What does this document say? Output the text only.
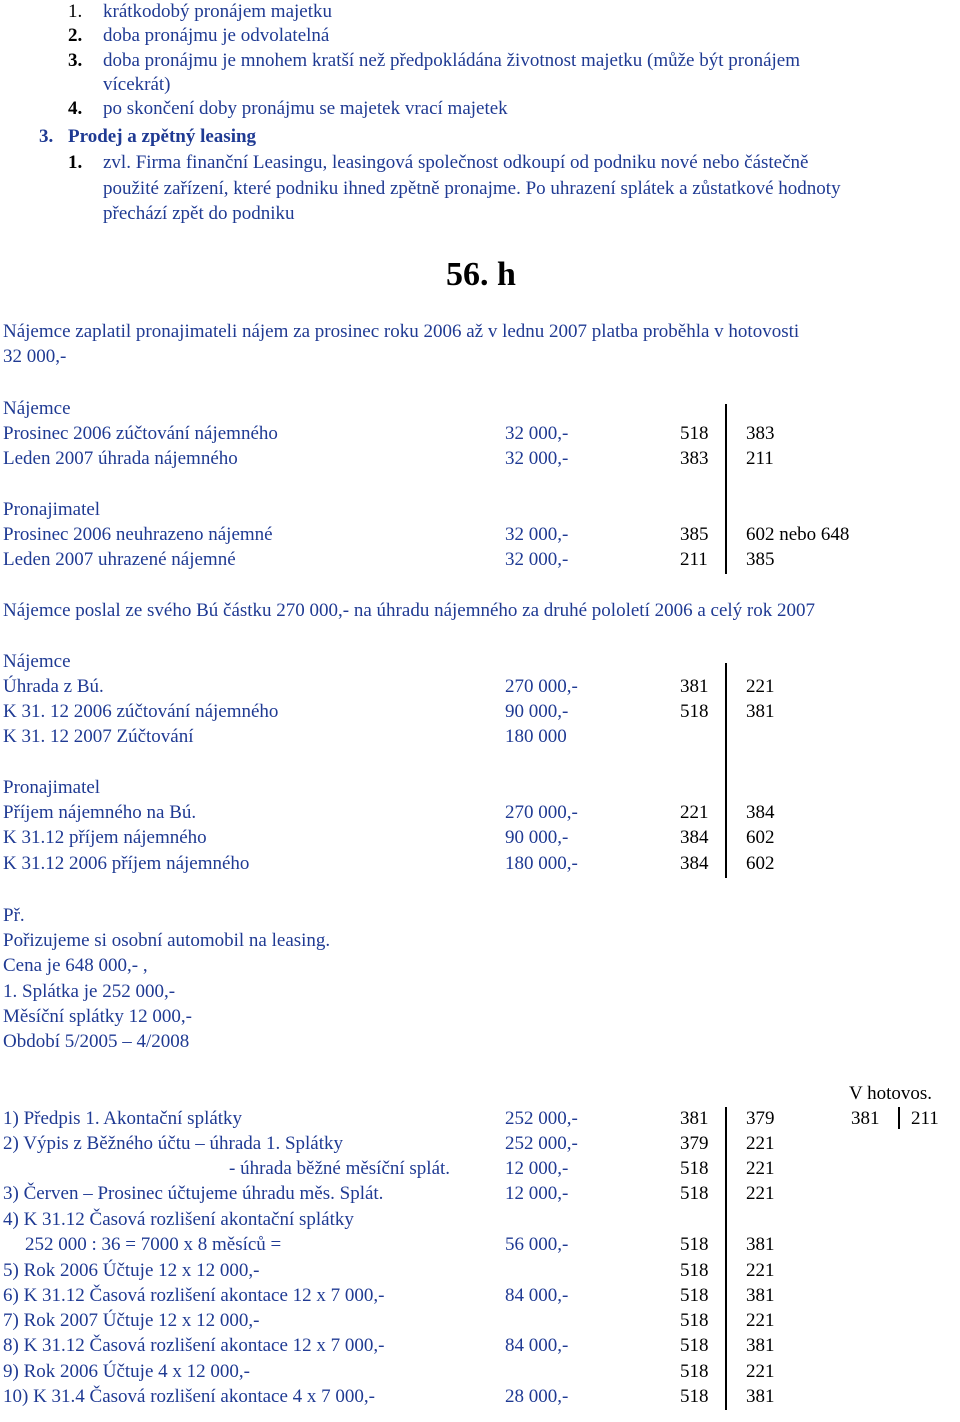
1. krátkodobý pronájem majetku
2. doba pronájmu je odvolatelná
3. doba pronájmu je mnohem kratší než předpokládána životnost majetku (může být pronájem
vícekrát)
4. po skončení doby pronájmu se majetek vrací majetek
3. Prodej a zpětný leasing
1. zvl. Firma finanční Leasingu, leasingová společnost odkoupí od podniku nové nebo částečně
použité zařízení, které podniku ihned zpětně pronajme. Po uhrazení splátek a zůstatkové hodnoty
přechází zpět do podniku
56. h
Nájemce zaplatil pronajimateli nájem za prosinec roku 2006 až v lednu 2007 platba proběhla v hotovosti
32 000,-
Nájemce
Prosinec 2006 zúčtování nájemného	32 000,-	518 383
Leden 2007 úhrada nájemného	32 000,-	383 211
Pronajimatel
Prosinec 2006 neuhrazeno nájemné	32 000,-	385 602 nebo 648
Leden 2007 uhrazené nájemné	32 000,-	211 385
Nájemce poslal ze svého Bú částku 270 000,- na úhradu nájemného za druhé pololetí 2006 a celý rok 2007
Nájemce
Úhrada z Bú.	270 000,-	381 221
K 31. 12 2006 zúčtování nájemného	90 000,-	518 381
K 31. 12 2007 Zúčtování	180 000
Pronajimatel
Příjem nájemného na Bú.	270 000,-	221 384
K 31.12 příjem nájemného	90 000,-	384 602
K 31.12 2006 příjem nájemného	180 000,-	384 602
Př.
Pořizujeme si osobní automobil na leasing.
Cena je 648 000,- ,
1. Splátka je 252 000,-
Měsíční splátky 12 000,-
Období 5/2005 – 4/2008
V hotovos.
381 211
1) Předpis 1. Akontační splátky	252 000,-	381 379
2) Výpis z Běžného účtu – úhrada 1. Splátky	252 000,-	379 221
- úhrada běžné měsíční splát.	12 000,-	518 221
3) Červen – Prosinec účtujeme úhradu měs. Splát.	12 000,-	518 221
4) K 31.12 Časová rozlišení akontační splátky
252 000 : 36 = 7000 x 8 měsíců =	56 000,-	518 381
5) Rok 2006 Účtuje 12 x 12 000,-	518 221
6) K 31.12 Časová rozlišení akontace 12 x 7 000,-	84 000,-	518 381
7) Rok 2007 Účtuje 12 x 12 000,-	518 221
8) K 31.12 Časová rozlišení akontace 12 x 7 000,-	84 000,-	518 381
9) Rok 2006 Účtuje 4 x 12 000,-	518 221
10) K 31.4 Časová rozlišení akontace 4 x 7 000,-	28 000,-	518 381
